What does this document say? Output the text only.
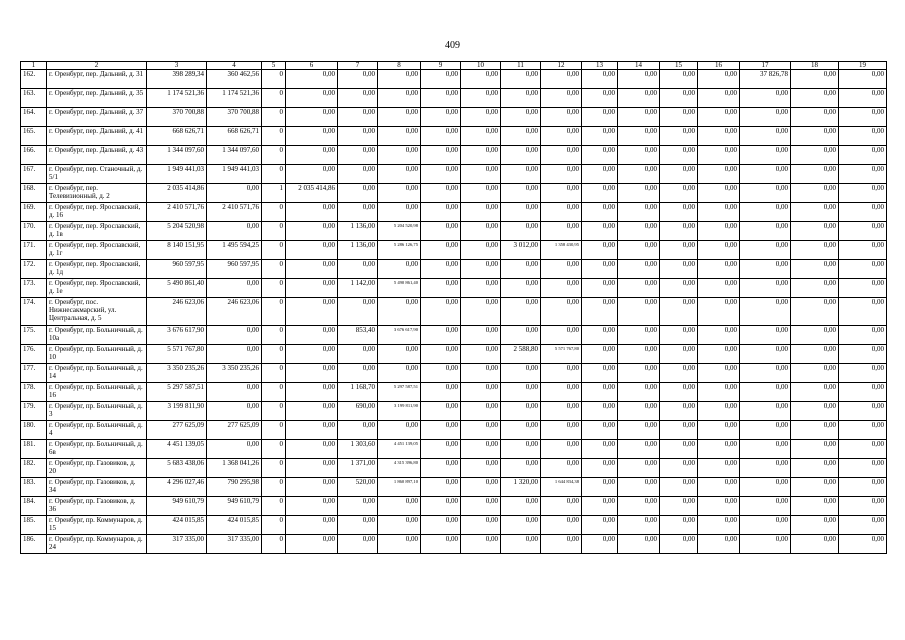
409
1	2	3	4	5	6	7	8	9	10	11	12	13	14	15	16	17	18	19
162.	г. Оренбург, пер. Дальний, д. 31	398 289,34	360 462,56	0	0,00	0,00	0,00	0,00	0,00	0,00	0,00	0,00	0,00	0,00	0,00	37 826,78	0,00	0,00
163.	г. Оренбург, пер. Дальний, д. 35	1 174 521,36	1 174 521,36	0	0,00	0,00	0,00	0,00	0,00	0,00	0,00	0,00	0,00	0,00	0,00	0,00	0,00	0,00
164.	г. Оренбург, пер. Дальний, д. 37	370 700,88	370 700,88	0	0,00	0,00	0,00	0,00	0,00	0,00	0,00	0,00	0,00	0,00	0,00	0,00	0,00	0,00
165.	г. Оренбург, пер. Дальний, д. 41	668 626,71	668 626,71	0	0,00	0,00	0,00	0,00	0,00	0,00	0,00	0,00	0,00	0,00	0,00	0,00	0,00	0,00
166.	г. Оренбург, пер. Дальний, д. 43	1 344 097,60	1 344 097,60	0	0,00	0,00	0,00	0,00	0,00	0,00	0,00	0,00	0,00	0,00	0,00	0,00	0,00	0,00
167.	г. Оренбург, пер. Станочный, д. 5/1	1 949 441,03	1 949 441,03	0	0,00	0,00	0,00	0,00	0,00	0,00	0,00	0,00	0,00	0,00	0,00	0,00	0,00	0,00
168.	г. Оренбург, пер. Телевизионный, д. 2	2 035 414,86	0,00	1	2 035 414,86	0,00	0,00	0,00	0,00	0,00	0,00	0,00	0,00	0,00	0,00	0,00	0,00	0,00
169.	г. Оренбург, пер. Ярославский, д. 16	2 410 571,76	2 410 571,76	0	0,00	0,00	0,00	0,00	0,00	0,00	0,00	0,00	0,00	0,00	0,00	0,00	0,00	0,00
170.	г. Оренбург, пер. Ярославский, д. 1в	5 204 520,98	0,00	0	0,00	1 136,00	5 204 520,98	0,00	0,00	0,00	0,00	0,00	0,00	0,00	0,00	0,00	0,00	0,00
171.	г. Оренбург, пер. Ярославский, д. 1г	8 140 151,95	1 495 594,25	0	0,00	1 136,00	5 286 126,75	0,00	0,00	3 012,00	1 358 430,95	0,00	0,00	0,00	0,00	0,00	0,00	0,00
172.	г. Оренбург, пер. Ярославский, д. 1д	960 597,95	960 597,95	0	0,00	0,00	0,00	0,00	0,00	0,00	0,00	0,00	0,00	0,00	0,00	0,00	0,00	0,00
173.	г. Оренбург, пер. Ярославский, д. 1е	5 490 861,40	0,00	0	0,00	1 142,00	5 490 861,40	0,00	0,00	0,00	0,00	0,00	0,00	0,00	0,00	0,00	0,00	0,00
174.	г. Оренбург, пос. Нижнесакмарский, ул. Центральная, д. 5	246 623,06	246 623,06	0	0,00	0,00	0,00	0,00	0,00	0,00	0,00	0,00	0,00	0,00	0,00	0,00	0,00	0,00
175.	г. Оренбург, пр. Больничный, д. 10а	3 676 617,90	0,00	0	0,00	853,40	3 676 617,90	0,00	0,00	0,00	0,00	0,00	0,00	0,00	0,00	0,00	0,00	0,00
176.	г. Оренбург, пр. Больничный, д. 10	5 571 767,80	0,00	0	0,00	0,00	0,00	0,00	0,00	2 588,80	5 571 767,80	0,00	0,00	0,00	0,00	0,00	0,00	0,00
177.	г. Оренбург, пр. Больничный, д. 14	3 350 235,26	3 350 235,26	0	0,00	0,00	0,00	0,00	0,00	0,00	0,00	0,00	0,00	0,00	0,00	0,00	0,00	0,00
178.	г. Оренбург, пр. Больничный, д. 16	5 297 587,51	0,00	0	0,00	1 168,70	5 297 587,51	0,00	0,00	0,00	0,00	0,00	0,00	0,00	0,00	0,00	0,00	0,00
179.	г. Оренбург, пр. Больничный, д. 3	3 199 811,90	0,00	0	0,00	690,00	3 199 811,90	0,00	0,00	0,00	0,00	0,00	0,00	0,00	0,00	0,00	0,00	0,00
180.	г. Оренбург, пр. Больничный, д. 4	277 625,09	277 625,09	0	0,00	0,00	0,00	0,00	0,00	0,00	0,00	0,00	0,00	0,00	0,00	0,00	0,00	0,00
181.	г. Оренбург, пр. Больничный, д. 6в	4 451 139,05	0,00	0	0,00	1 303,60	4 451 139,05	0,00	0,00	0,00	0,00	0,00	0,00	0,00	0,00	0,00	0,00	0,00
182.	г. Оренбург, пр. Газовиков, д. 20	5 683 438,06	1 368 041,26	0	0,00	1 371,00	4 315 396,80	0,00	0,00	0,00	0,00	0,00	0,00	0,00	0,00	0,00	0,00	0,00
183.	г. Оренбург, пр. Газовиков, д. 34	4 296 027,46	790 295,98	0	0,00	520,00	1 860 897,10	0,00	0,00	1 320,00	1 644 834,38	0,00	0,00	0,00	0,00	0,00	0,00	0,00
184.	г. Оренбург, пр. Газовиков, д. 36	949 610,79	949 610,79	0	0,00	0,00	0,00	0,00	0,00	0,00	0,00	0,00	0,00	0,00	0,00	0,00	0,00	0,00
185.	г. Оренбург, пр. Коммунаров, д. 15	424 015,85	424 015,85	0	0,00	0,00	0,00	0,00	0,00	0,00	0,00	0,00	0,00	0,00	0,00	0,00	0,00	0,00
186.	г. Оренбург, пр. Коммунаров, д. 24	317 335,00	317 335,00	0	0,00	0,00	0,00	0,00	0,00	0,00	0,00	0,00	0,00	0,00	0,00	0,00	0,00	0,00
